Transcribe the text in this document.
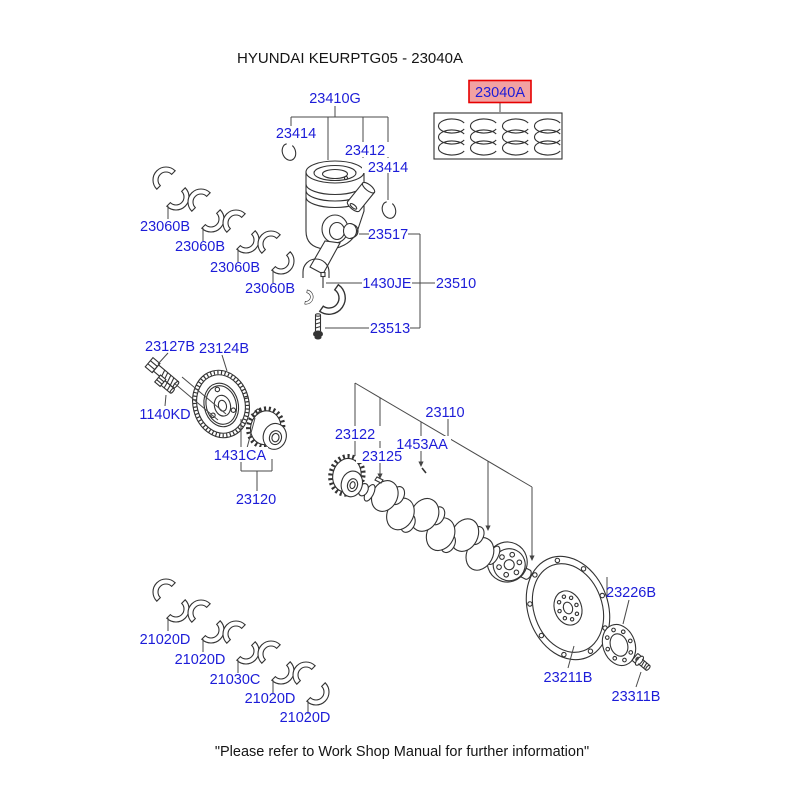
HYUNDAI KEURPTG05 - 23040A
23410G	23040A
23414
23412
23414
23060B
23060B
23060B
23060B
23517
1430JE 23510
23513
23127B 23124B
1140KD
1431CA
23120
23122
23125
1453AA
23110
23226B
23211B
23311B
21020D
21020D
21030C
21020D
21020D
"Please refer to Work Shop Manual for further information"
